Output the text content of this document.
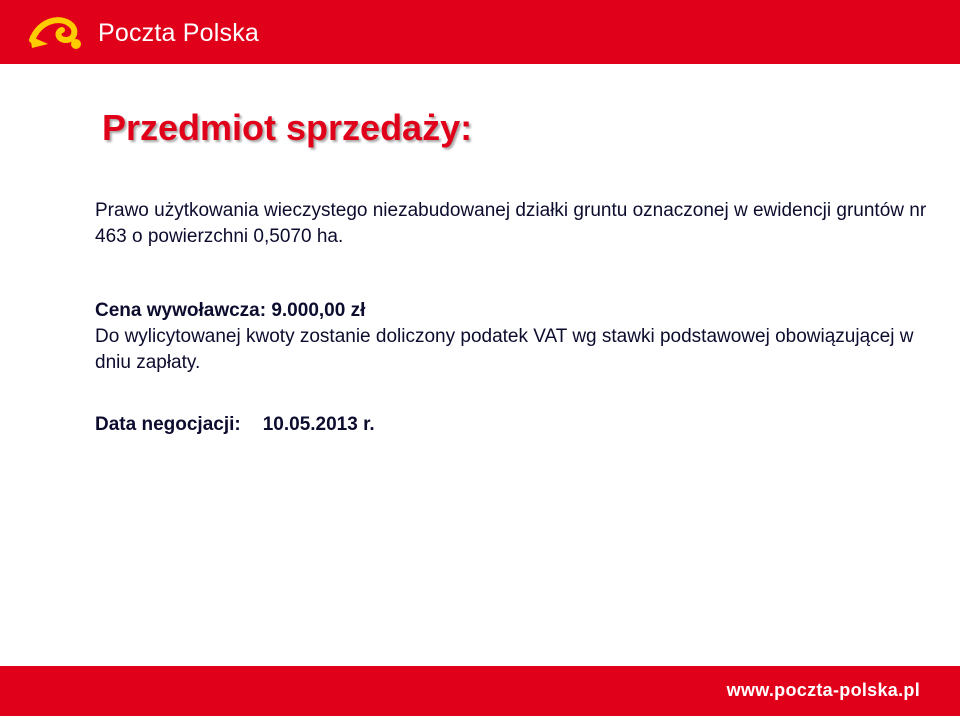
Poczta Polska
Przedmiot sprzedaży:

Prawo użytkowania wieczystego niezabudowanej działki gruntu oznaczonej w ewidencji gruntów nr 463 o powierzchni 0,5070 ha.

Cena wywoławcza: 9.000,00 zł

Do wylicytowanej kwoty zostanie doliczony podatek VAT wg stawki podstawowej obowiązującej w dniu zapłaty.

Data negocjacji: 10.05.2013 r.

www.poczta-polska.pl
